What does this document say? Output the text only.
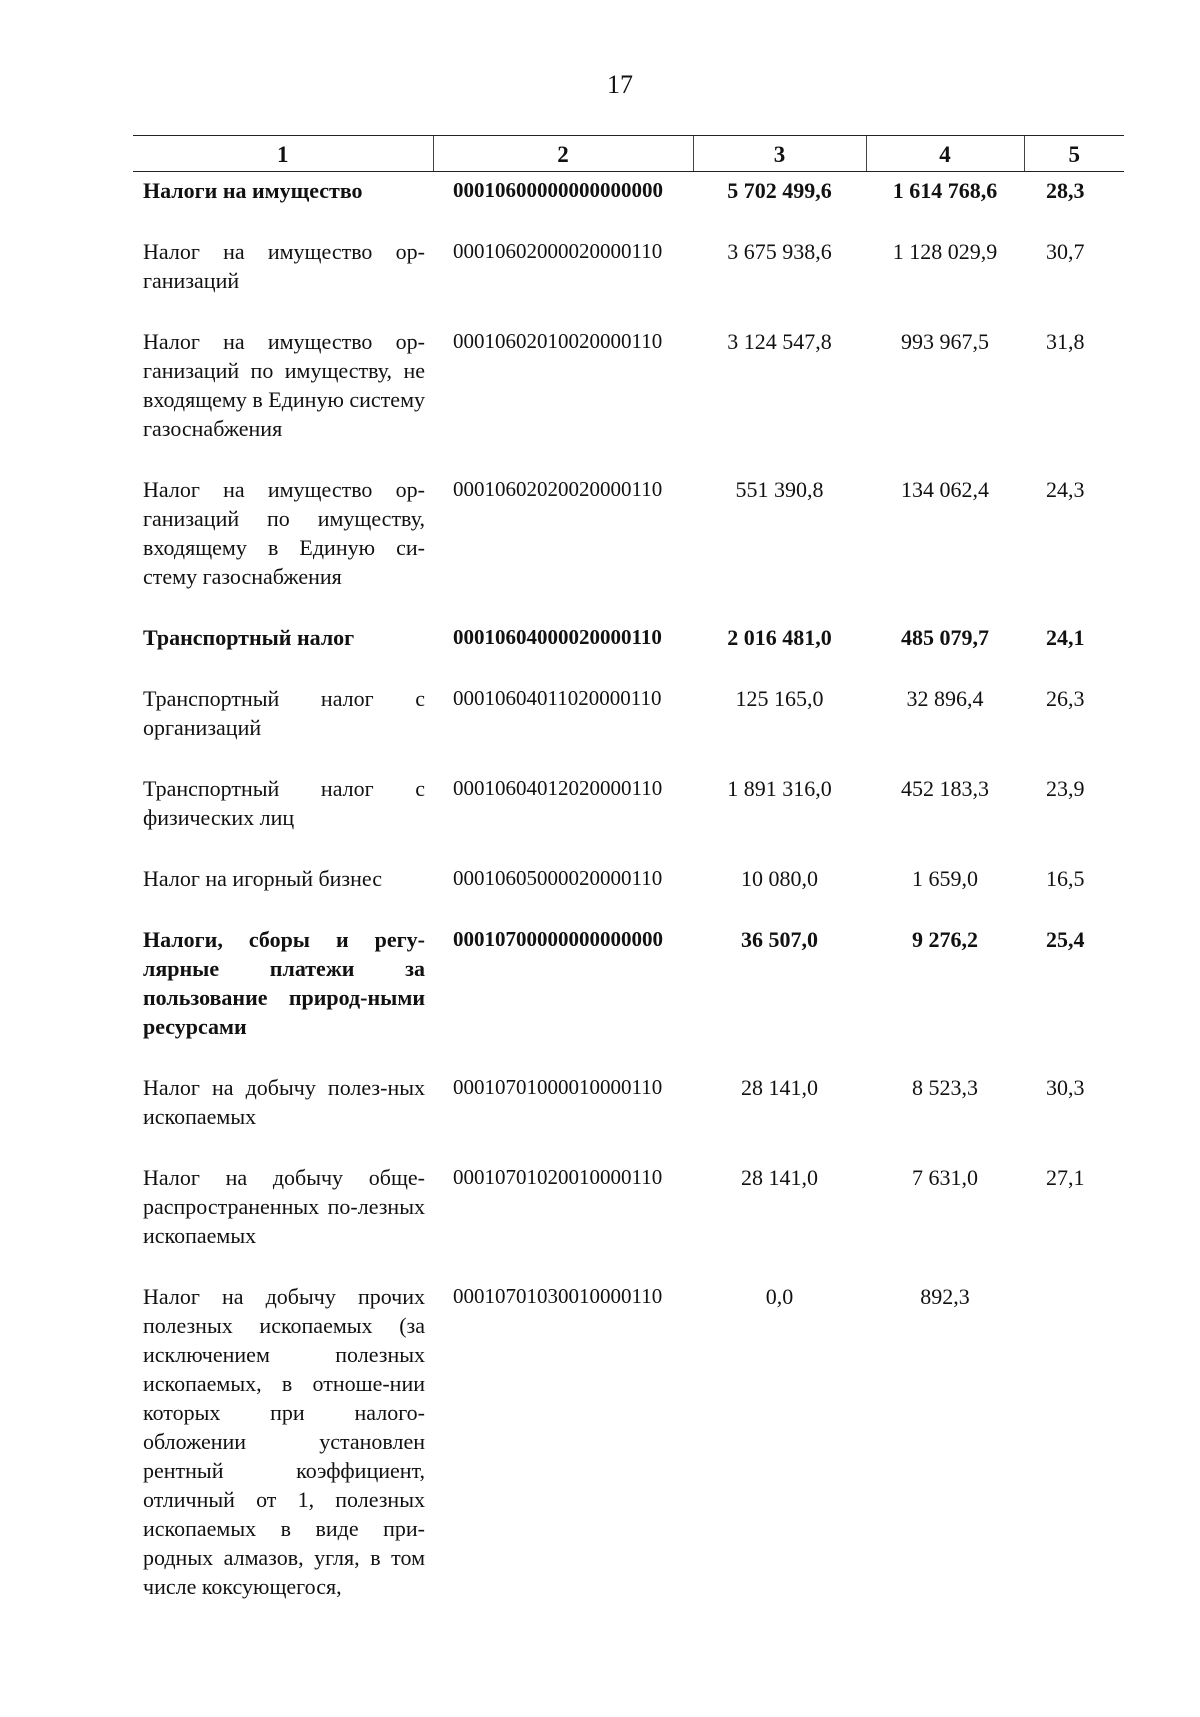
17
1	2	3	4	5
Налоги на имущество	00010600000000000000	5 702 499,6	1 614 768,6	28,3
Налог на имущество ор-ганизаций	00010602000020000110	3 675 938,6	1 128 029,9	30,7
Налог на имущество ор-ганизаций по имуществу, не входящему в Единую систему газоснабжения	00010602010020000110	3 124 547,8	993 967,5	31,8
Налог на имущество ор-ганизаций по имуществу, входящему в Единую си-стему газоснабжения	00010602020020000110	551 390,8	134 062,4	24,3
Транспортный налог	00010604000020000110	2 016 481,0	485 079,7	24,1
Транспортный налог с организаций	00010604011020000110	125 165,0	32 896,4	26,3
Транспортный налог с физических лиц	00010604012020000110	1 891 316,0	452 183,3	23,9
Налог на игорный бизнес	00010605000020000110	10 080,0	1 659,0	16,5
Налоги, сборы и регу-лярные платежи за пользование природ-ными ресурсами	00010700000000000000	36 507,0	9 276,2	25,4
Налог на добычу полез-ных ископаемых	00010701000010000110	28 141,0	8 523,3	30,3
Налог на добычу обще-распространенных по-лезных ископаемых	00010701020010000110	28 141,0	7 631,0	27,1
Налог на добычу прочих полезных ископаемых (за исключением полезных ископаемых, в отноше-нии которых при налого-обложении установлен рентный коэффициент, отличный от 1, полезных ископаемых в виде при-родных алмазов, угля, в том числе коксующегося,	00010701030010000110	0,0	892,3	
